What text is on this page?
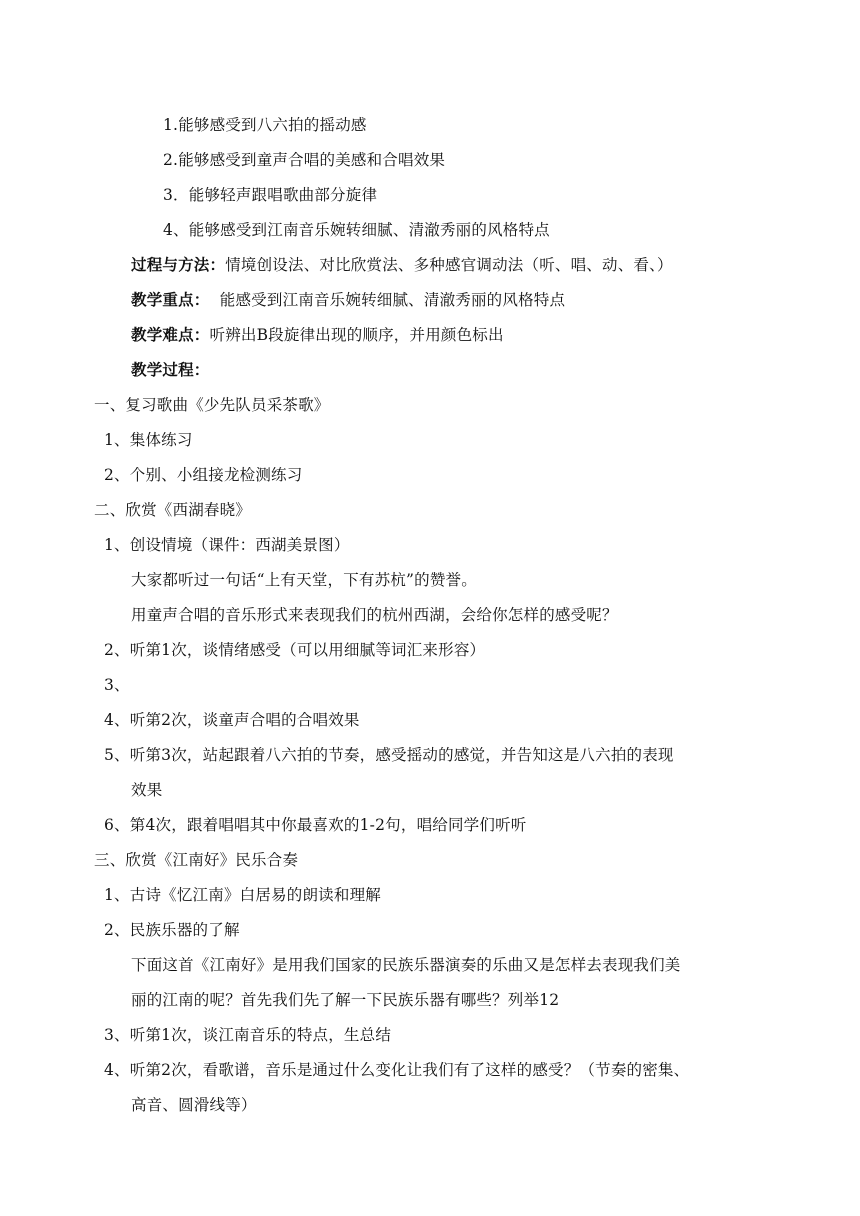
1.能够感受到八六拍的摇动感
2.能够感受到童声合唱的美感和合唱效果
3．能够轻声跟唱歌曲部分旋律
4、能够感受到江南音乐婉转细腻、清澈秀丽的风格特点
过程与方法：情境创设法、对比欣赏法、多种感官调动法（听、唱、动、看、）
教学重点：  能感受到江南音乐婉转细腻、清澈秀丽的风格特点
教学难点：听辨出B段旋律出现的顺序，并用颜色标出
教学过程：
一、复习歌曲《少先队员采茶歌》
1、集体练习
2、个别、小组接龙检测练习
二、欣赏《西湖春晓》
1、创设情境（课件：西湖美景图）
大家都听过一句话“上有天堂，下有苏杭”的赞誉。
用童声合唱的音乐形式来表现我们的杭州西湖，会给你怎样的感受呢？
2、听第1次，谈情绪感受（可以用细腻等词汇来形容）
3、
4、听第2次，谈童声合唱的合唱效果
5、听第3次，站起跟着八六拍的节奏，感受摇动的感觉，并告知这是八六拍的表现
效果
6、第4次，跟着唱唱其中你最喜欢的1-2句，唱给同学们听听
三、欣赏《江南好》民乐合奏
1、古诗《忆江南》白居易的朗读和理解
2、民族乐器的了解
下面这首《江南好》是用我们国家的民族乐器演奏的乐曲又是怎样去表现我们美
丽的江南的呢？首先我们先了解一下民族乐器有哪些？列举12
3、听第1次，谈江南音乐的特点，生总结
4、听第2次，看歌谱，音乐是通过什么变化让我们有了这样的感受？（节奏的密集、
高音、圆滑线等）
